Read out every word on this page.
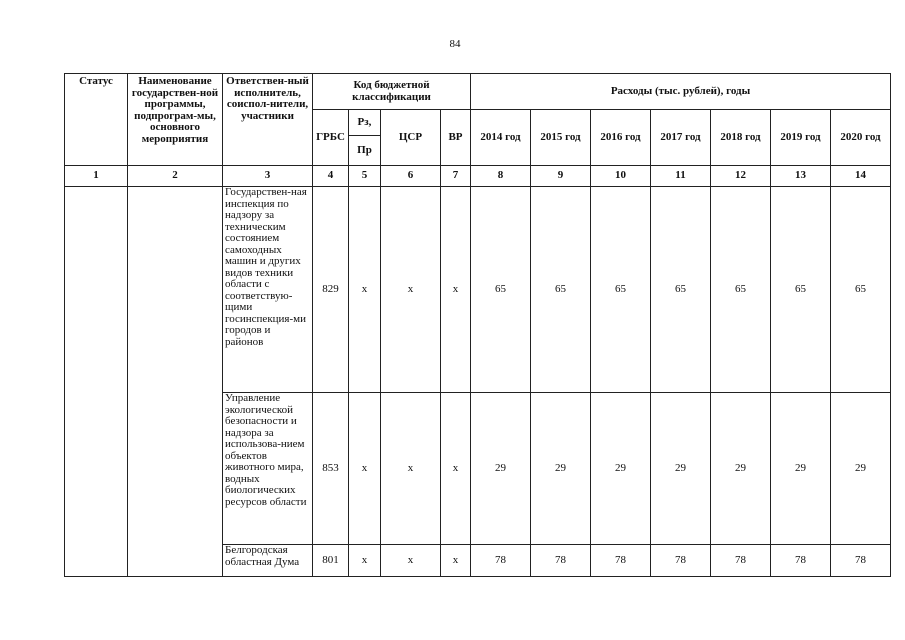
84
Статус	Наименование государствен-ной программы, подпрограм-мы, основного мероприятия	Ответствен-ный исполнитель, соиспол-нители, участники	Код бюджетной классификации				Расходы (тыс. рублей), годы						
			ГРБС	Рз,	ЦСР	ВР	2014 год	2015 год	2016 год	2017 год	2018 год	2019 год	2020 год
				Пр									
1	2	3	4	5	6	7	8	9	10	11	12	13	14
		Государствен-ная инспекция по надзору за техническим состоянием самоходных машин и других видов техники области с соответствую-щими госинспекция-ми городов и районов	829	х	х	х	65	65	65	65	65	65	65
		Управление экологической безопасности и надзора за использова-нием объектов животного мира, водных биологических ресурсов области	853	х	х	х	29	29	29	29	29	29	29
		Белгородская областная Дума	801	х	х	х	78	78	78	78	78	78	78
